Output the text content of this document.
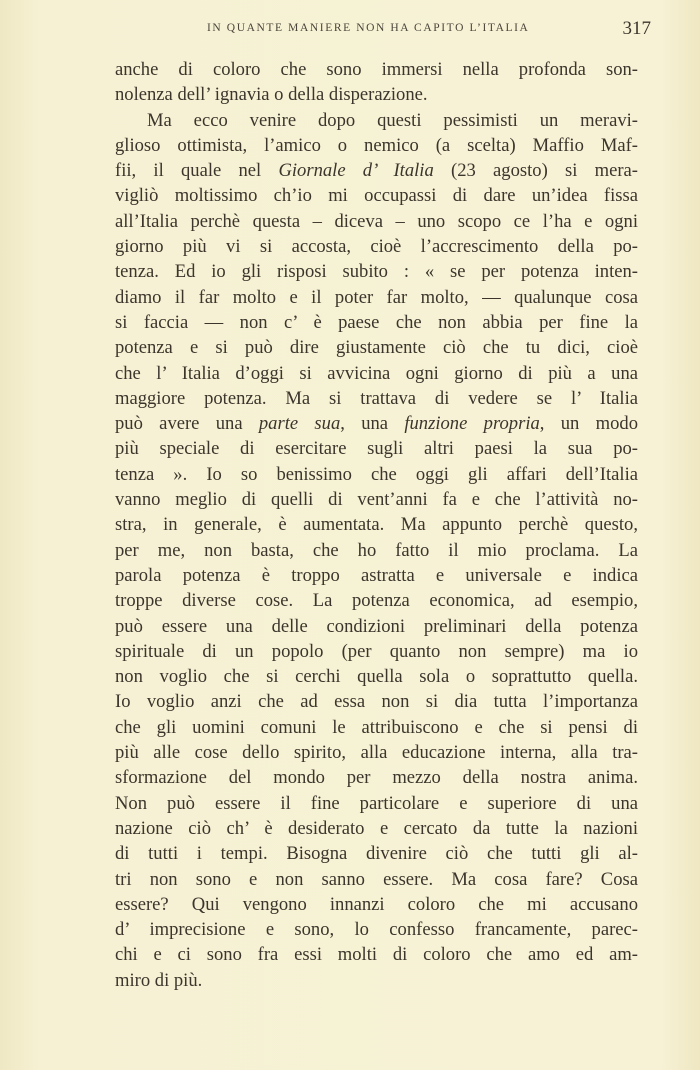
IN QUANTE MANIERE NON HA CAPITO L’ITALIA	317
anche di coloro che sono immersi nella profonda son-
nolenza dell’ ignavia o della disperazione.
Ma ecco venire dopo questi pessimisti un meravi-
glioso ottimista, l’amico o nemico (a scelta) Maffio Maf-
fii, il quale nel Giornale d’ Italia (23 agosto) si mera-
vigliò moltissimo ch’io mi occupassi di dare un’idea fissa
all’Italia perchè questa – diceva – uno scopo ce l’ha e ogni
giorno più vi si accosta, cioè l’accrescimento della po-
tenza. Ed io gli risposi subito : « se per potenza inten-
diamo il far molto e il poter far molto, — qualunque cosa
si faccia — non c’ è paese che non abbia per fine la
potenza e si può dire giustamente ciò che tu dici, cioè
che l’ Italia d’oggi si avvicina ogni giorno di più a una
maggiore potenza. Ma si trattava di vedere se l’ Italia
può avere una parte sua, una funzione propria, un modo
più speciale di esercitare sugli altri paesi la sua po-
tenza ». Io so benissimo che oggi gli affari dell’Italia
vanno meglio di quelli di vent’anni fa e che l’attività no-
stra, in generale, è aumentata. Ma appunto perchè questo,
per me, non basta, che ho fatto il mio proclama. La
parola potenza è troppo astratta e universale e indica
troppe diverse cose. La potenza economica, ad esempio,
può essere una delle condizioni preliminari della potenza
spirituale di un popolo (per quanto non sempre) ma io
non voglio che si cerchi quella sola o soprattutto quella.
Io voglio anzi che ad essa non si dia tutta l’importanza
che gli uomini comuni le attribuiscono e che si pensi di
più alle cose dello spirito, alla educazione interna, alla tra-
sformazione del mondo per mezzo della nostra anima.
Non può essere il fine particolare e superiore di una
nazione ciò ch’ è desiderato e cercato da tutte la nazioni
di tutti i tempi. Bisogna divenire ciò che tutti gli al-
tri non sono e non sanno essere. Ma cosa fare? Cosa
essere? Qui vengono innanzi coloro che mi accusano
d’ imprecisione e sono, lo confesso francamente, parec-
chi e ci sono fra essi molti di coloro che amo ed am-
miro di più.
